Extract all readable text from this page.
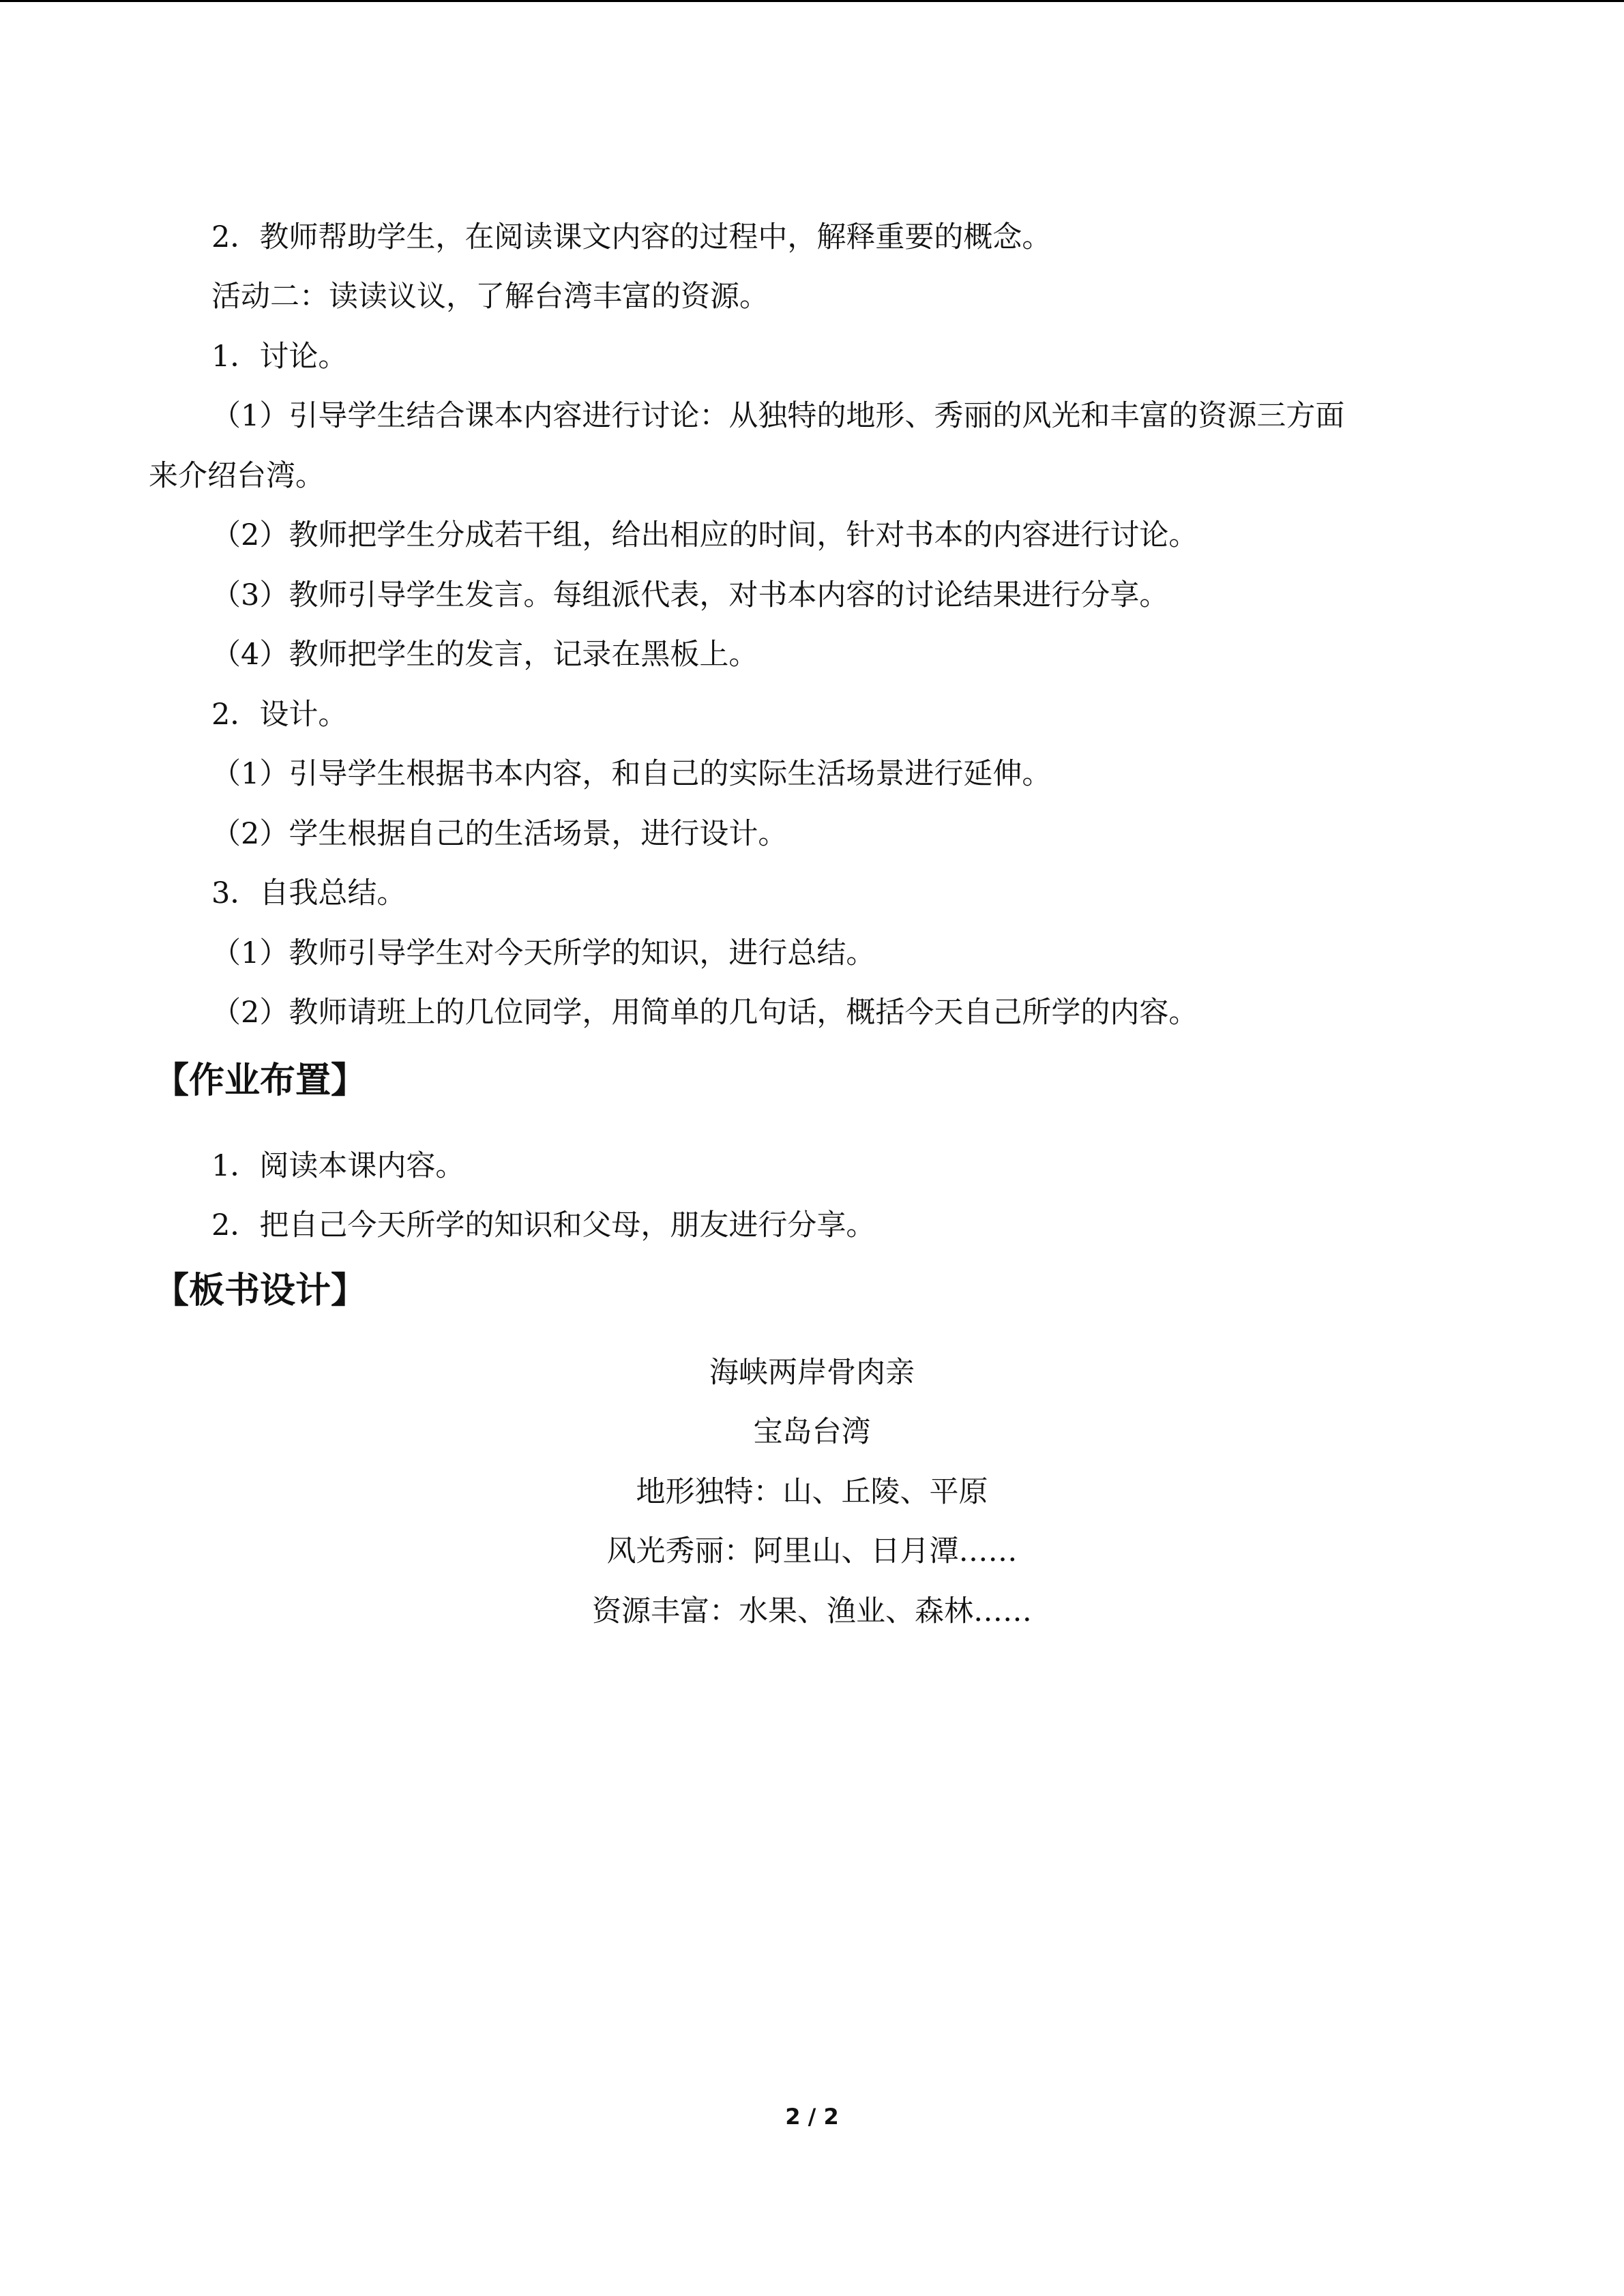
2．教师帮助学生，在阅读课文内容的过程中，解释重要的概念。
活动二：读读议议，了解台湾丰富的资源。
1．讨论。
（1）引导学生结合课本内容进行讨论：从独特的地形、秀丽的风光和丰富的资源三方面
来介绍台湾。
（2）教师把学生分成若干组，给出相应的时间，针对书本的内容进行讨论。
（3）教师引导学生发言。每组派代表，对书本内容的讨论结果进行分享。
（4）教师把学生的发言，记录在黑板上。
2．设计。
（1）引导学生根据书本内容，和自己的实际生活场景进行延伸。
（2）学生根据自己的生活场景，进行设计。
3．自我总结。
（1）教师引导学生对今天所学的知识，进行总结。
（2）教师请班上的几位同学，用简单的几句话，概括今天自己所学的内容。
【作业布置】
1．阅读本课内容。
2．把自己今天所学的知识和父母，朋友进行分享。
【板书设计】
海峡两岸骨肉亲
宝岛台湾
地形独特：山、丘陵、平原
风光秀丽：阿里山、日月潭……
资源丰富：水果、渔业、森林……
2 / 2
